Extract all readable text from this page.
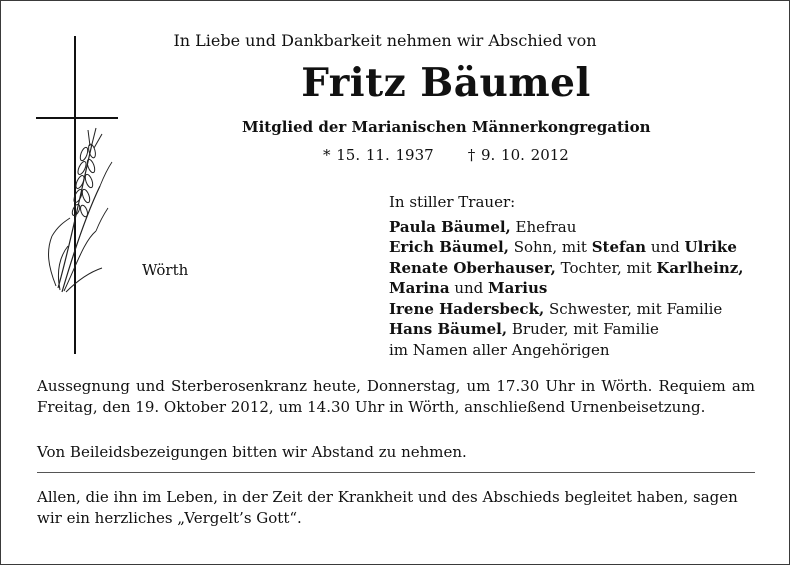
In Liebe und Dankbarkeit nehmen wir Abschied von
Fritz Bäumel
Mitglied der Marianischen Männerkongregation
* 15. 11. 1937 † 9. 10. 2012
Wörth
In stiller Trauer:
Paula Bäumel, Ehefrau
Erich Bäumel, Sohn, mit Stefan und Ulrike
Renate Oberhauser, Tochter, mit Karlheinz,
Marina und Marius
Irene Hadersbeck, Schwester, mit Familie
Hans Bäumel, Bruder, mit Familie
im Namen aller Angehörigen
Aussegnung und Sterberosenkranz heute, Donnerstag, um 17.30 Uhr in Wörth. Requiem am Freitag, den 19. Oktober 2012, um 14.30 Uhr in Wörth, anschließend Urnenbeisetzung.
Von Beileidsbezeigungen bitten wir Abstand zu nehmen.
Allen, die ihn im Leben, in der Zeit der Krankheit und des Abschieds begleitet haben, sagen wir ein herzliches „Vergelt’s Gott“.
